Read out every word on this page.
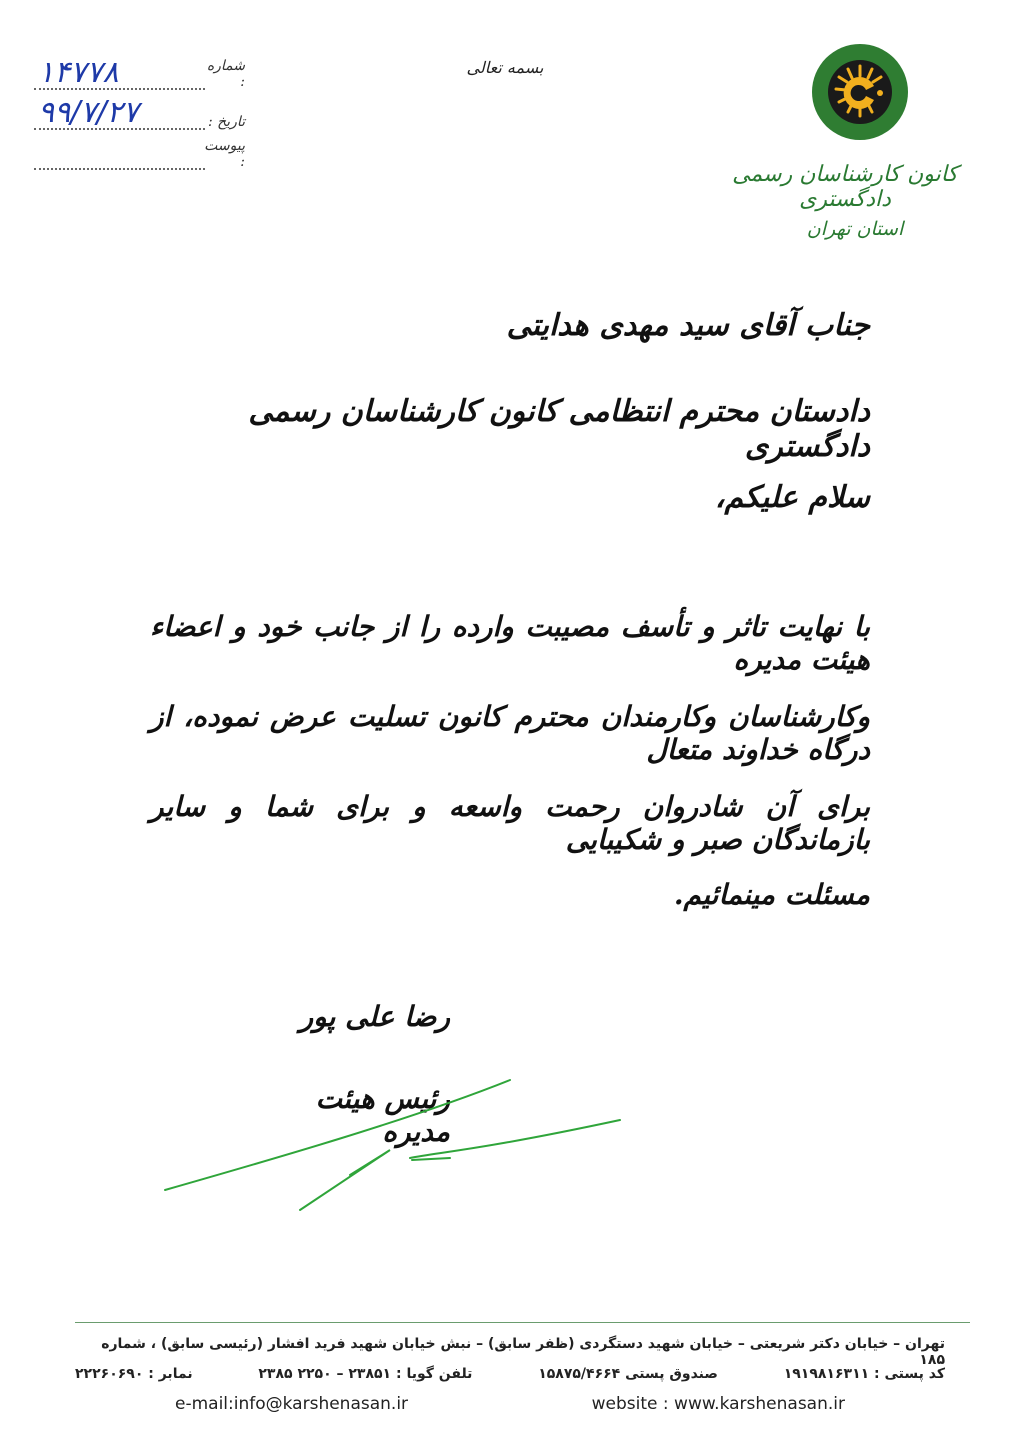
بسمه تعالی
کانون کارشناسان رسمی دادگستری
استان تهران
شماره :
۱۴۷۷۸
تاریخ :
۹۹/۷/۲۷
پیوست :
جناب آقای سید مهدی هدایتی
دادستان محترم انتظامی کانون کارشناسان رسمی دادگستری
سلام علیکم،
با نهایت تاثر و تأسف مصیبت وارده را از جانب خود و اعضاء هیئت مدیره
وکارشناسان وکارمندان محترم کانون تسلیت عرض نموده، از درگاه خداوند متعال
برای آن شادروان رحمت واسعه و برای شما و سایر بازماندگان صبر و شکیبایی
مسئلت مینمائیم.
رضا علی پور
رئیس هیئت مدیره
تهران – خیابان دکتر شریعتی – خیابان شهید دستگردی (ظفر سابق) – نبش خیابان شهید فرید افشار (رئیسی سابق) ، شماره ۱۸۵
کد پستی : ۱۹۱۹۸۱۶۳۱۱
صندوق پستی ۱۵۸۷۵/۴۶۶۴
تلفن گویا : ۲۳۸۵۱ – ۲۲۵۰ ۲۳۸۵
نمابر : ۲۲۲۶۰۶۹۰
e-mail:info@karshenasan.ir	website : www.karshenasan.ir
